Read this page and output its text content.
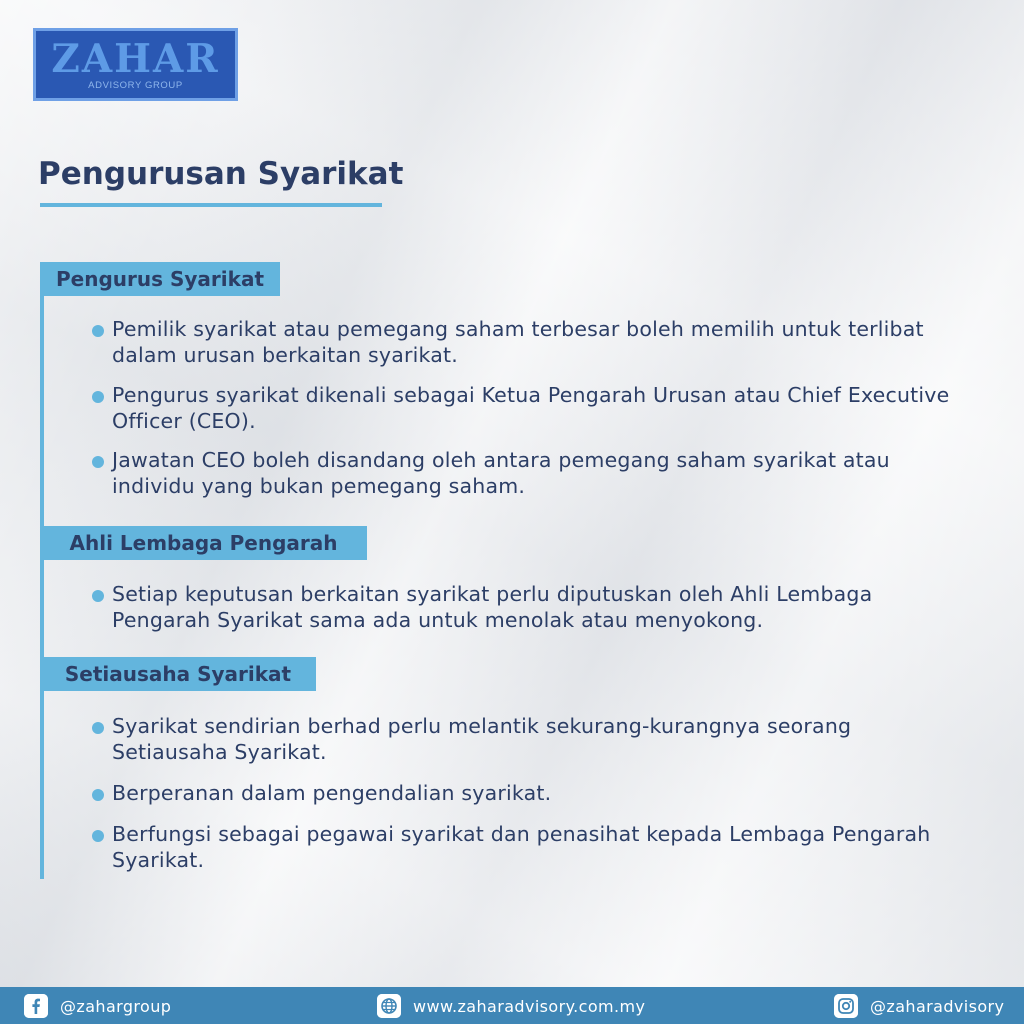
ZAHAR
ADVISORY GROUP
Pengurusan Syarikat
Pengurus Syarikat
Pemilik syarikat atau pemegang saham terbesar boleh memilih untuk terlibat dalam urusan berkaitan syarikat.
Pengurus syarikat dikenali sebagai Ketua Pengarah Urusan atau Chief Executive Officer (CEO).
Jawatan CEO boleh disandang oleh antara pemegang saham syarikat atau individu yang bukan pemegang saham.
Ahli Lembaga Pengarah
Setiap keputusan berkaitan syarikat perlu diputuskan oleh Ahli Lembaga Pengarah Syarikat sama ada untuk menolak atau menyokong.
Setiausaha Syarikat
Syarikat sendirian berhad perlu melantik sekurang-kurangnya seorang Setiausaha Syarikat.
Berperanan dalam pengendalian syarikat.
Berfungsi sebagai pegawai syarikat dan penasihat kepada Lembaga Pengarah Syarikat.
@zahargroup	www.zaharadvisory.com.my	@zaharadvisory
